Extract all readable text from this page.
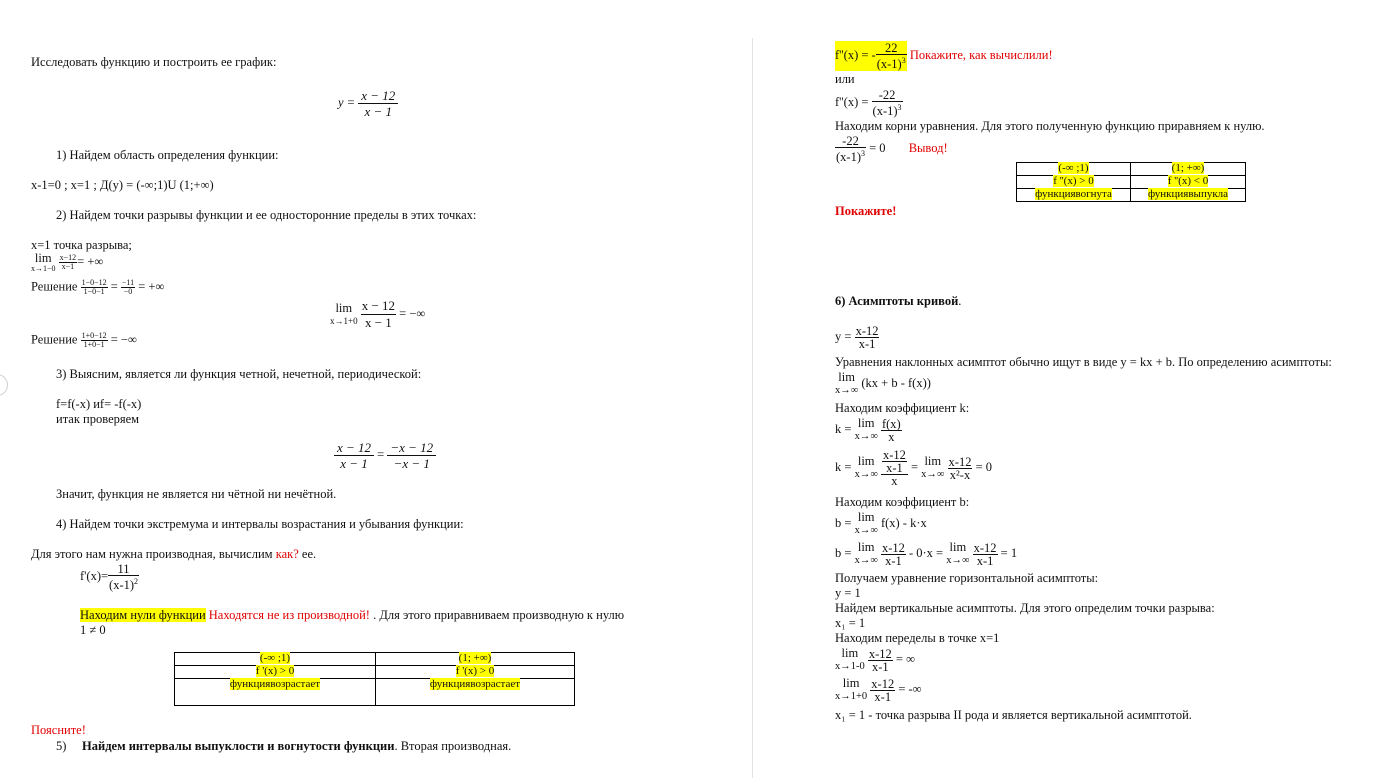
Исследовать функцию и построить ее график:
$y = \frac{x - 12}{x - 1}$
1) Найдем область определения функции:
x-1=0 ; x=1 ; Д(y) = (-∞;1)U (1;+∞)
2) Найдем точки разрывы функции и ее односторонние пределы в этих точках:
x=1 точка разрыва;
lim
x→1−0
$\frac{x-12}{x-1}$ = +∞
Решение $\frac{1-0-12}{1-0-1} = \frac{-11}{-0}$ = +∞
lim
x→1+0
$\frac{x - 12}{x - 1}$ = −∞
Решение $\frac{1+0-12}{1+0-1}$ = −∞
3) Выясним, является ли функция четной, нечетной, периодической:
f=f(-x) иf= -f(-x)
итак проверяем
$\frac{x - 12}{x - 1} = \frac{-x - 12}{-x - 1}$
Значит, функция не является ни чётной ни нечётной.
4) Найдем точки экстремума и интервалы возрастания и убывания функции:
Для этого нам нужна производная, вычислим как? ее.
$f'(x)= \frac{11}{(x-1)^2}$
Находим нули функции Находятся не из производной! . Для этого приравниваем производную к нулю
1 ≠ 0
(-∞ ;1)	(1; +∞)
f '(x) > 0	f '(x) > 0
функциявозрастает	функциявозрастает
Поясните!
5) Найдем интервалы выпуклости и вогнутости функции. Вторая производная.
f''(x) = - $\frac{22}{(x-1)^3}$ Покажите, как вычислили!
или
$f''(x) = \frac{-22}{(x-1)^3}$
Находим корни уравнения. Для этого полученную функцию приравняем к нулю.
$\frac{-22}{(x-1)^3} = 0$ Вывод!
(-∞ ;1)	(1; +∞)
f ''(x) > 0	f ''(x) < 0
функциявогнута	функциявыпукла
Покажите!
6) Асимптоты кривой.
$y = \frac{x-12}{x-1}$
Уравнения наклонных асимптот обычно ищут в виде y = kx + b. По определению асимптоты:
lim
x→∞
(kx + b - f(x))
Находим коэффициент k:
k = lim
x→∞
$\frac{f(x)}{x}$
k = lim
x→∞
$\frac{\frac{x-12}{x-1}}{x} = \lim$
x→∞
$\frac{x-12}{\text{x²-x}} = 0$
Находим коэффициент b:
b = lim
x→∞
f(x) - k·x
b = lim
x→∞
$\frac{x-12}{x-1} - 0\cdot x = \lim$
x→∞
$\frac{x-12}{x-1} = 1$
Получаем уравнение горизонтальной асимптоты:
y = 1
Найдем вертикальные асимптоты. Для этого определим точки разрыва:
x₁ = 1
Находим переделы в точке x=1
lim
x→1-0
$\frac{x-12}{x-1}$ = ∞
lim
x→1+0
$\frac{x-12}{x-1}$ = -∞
x₁ = 1 - точка разрыва II рода и является вертикальной асимптотой.
